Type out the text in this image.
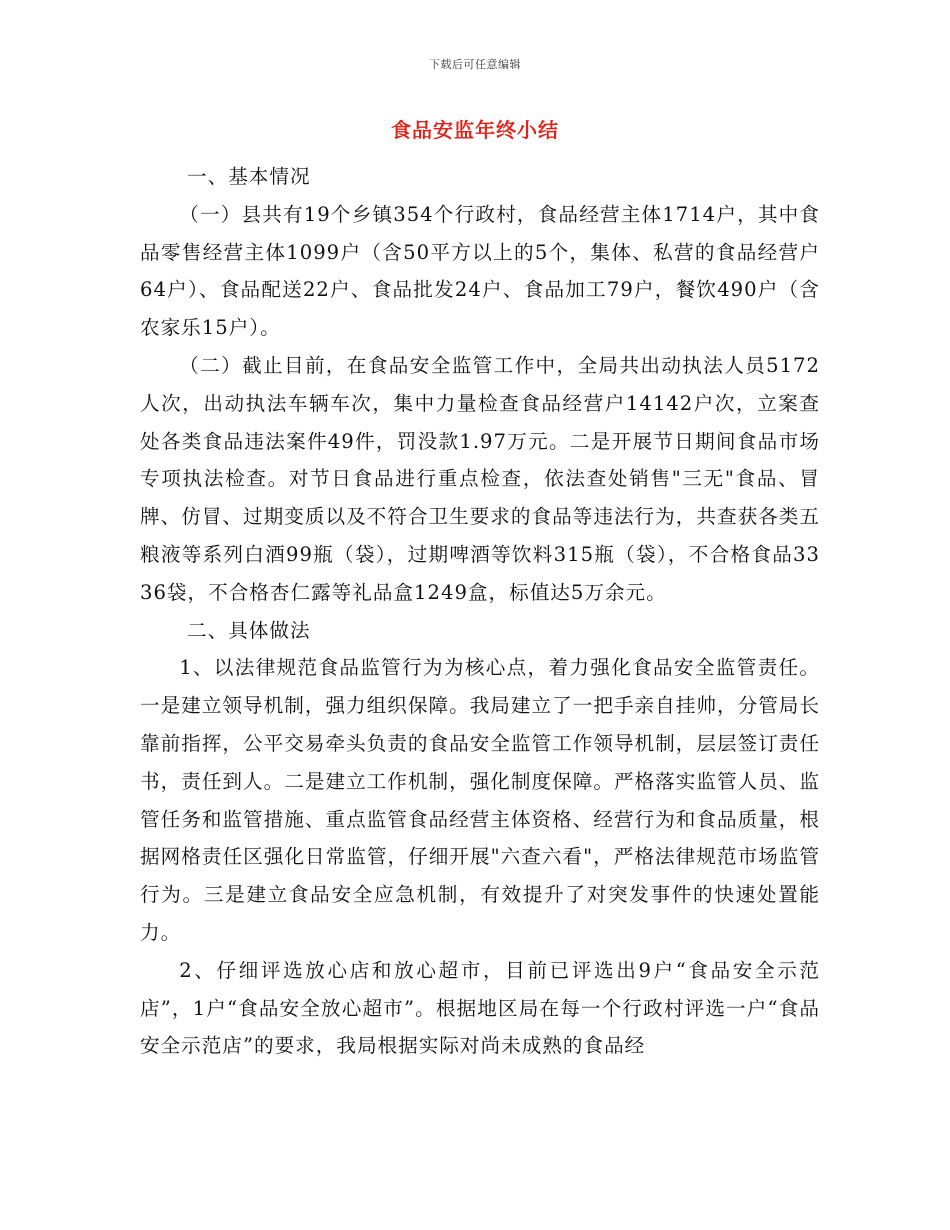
下载后可任意编辑
食品安监年终小结

一、基本情况

（一）县共有19个乡镇354个行政村，食品经营主体1714户，其中食品零售经营主体1099户（含50平方以上的5个，集体、私营的食品经营户64户）、食品配送22户、食品批发24户、食品加工79户，餐饮490户（含农家乐15户）。

（二）截止目前，在食品安全监管工作中，全局共出动执法人员5172人次，出动执法车辆车次，集中力量检查食品经营户14142户次，立案查处各类食品违法案件49件，罚没款1.97万元。二是开展节日期间食品市场专项执法检查。对节日食品进行重点检查，依法查处销售"三无"食品、冒牌、仿冒、过期变质以及不符合卫生要求的食品等违法行为，共查获各类五粮液等系列白酒99瓶（袋），过期啤酒等饮料315瓶（袋），不合格食品3336袋，不合格杏仁露等礼品盒1249盒，标值达5万余元。

二、具体做法

1、以法律规范食品监管行为为核心点，着力强化食品安全监管责任。一是建立领导机制，强力组织保障。我局建立了一把手亲自挂帅，分管局长靠前指挥，公平交易牵头负责的食品安全监管工作领导机制，层层签订责任书，责任到人。二是建立工作机制，强化制度保障。严格落实监管人员、监管任务和监管措施、重点监管食品经营主体资格、经营行为和食品质量，根据网格责任区强化日常监管，仔细开展"六查六看"，严格法律规范市场监管行为。三是建立食品安全应急机制，有效提升了对突发事件的快速处置能力。

2、仔细评选放心店和放心超市，目前已评选出9户“食品安全示范店”，1户“食品安全放心超市”。根据地区局在每一个行政村评选一户“食品安全示范店”的要求，我局根据实际对尚未成熟的食品经
